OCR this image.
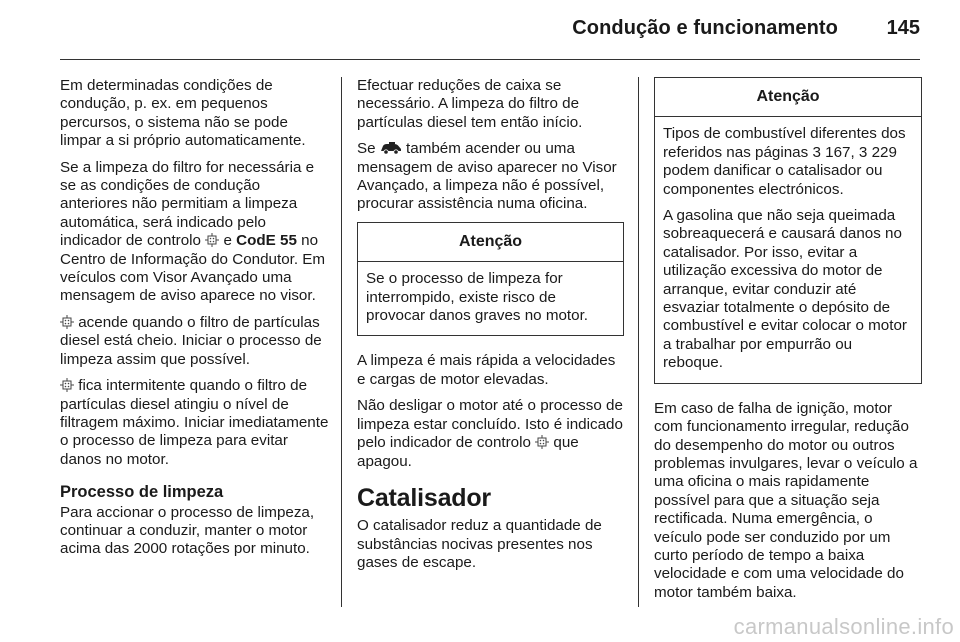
Condução e funcionamento 145

Em determinadas condições de condução, p. ex. em pequenos percursos, o sistema não se pode limpar a si próprio automaticamente.

Se a limpeza do filtro for necessária e se as condições de condução anteriores não permitiam a limpeza automática, será indicado pelo indicador de controlo e CodE 55 no Centro de Informação do Condutor. Em veículos com Visor Avançado uma mensagem de aviso aparece no visor.

acende quando o filtro de partículas diesel está cheio. Iniciar o processo de limpeza assim que possível.

fica intermitente quando o filtro de partículas diesel atingiu o nível de filtragem máximo. Iniciar imediatamente o processo de limpeza para evitar danos no motor.

Processo de limpeza

Para accionar o processo de limpeza, continuar a conduzir, manter o motor acima das 2000 rotações por minuto.

Efectuar reduções de caixa se necessário. A limpeza do filtro de partículas diesel tem então início.

Se também acender ou uma mensagem de aviso aparecer no Visor Avançado, a limpeza não é possível, procurar assistência numa oficina.

Atenção

Se o processo de limpeza for interrompido, existe risco de provocar danos graves no motor.

A limpeza é mais rápida a velocidades e cargas de motor elevadas.

Não desligar o motor até o processo de limpeza estar concluído. Isto é indicado pelo indicador de controlo que apagou.

Catalisador

O catalisador reduz a quantidade de substâncias nocivas presentes nos gases de escape.

Atenção

Tipos de combustível diferentes dos referidos nas páginas 3 167, 3 229 podem danificar o catalisador ou componentes electrónicos.

A gasolina que não seja queimada sobreaquecerá e causará danos no catalisador. Por isso, evitar a utilização excessiva do motor de arranque, evitar conduzir até esvaziar totalmente o depósito de combustível e evitar colocar o motor a trabalhar por empurrão ou reboque.

Em caso de falha de ignição, motor com funcionamento irregular, redução do desempenho do motor ou outros problemas invulgares, levar o veículo a uma oficina o mais rapidamente possível para que a situação seja rectificada. Numa emergência, o veículo pode ser conduzido por um curto período de tempo a baixa velocidade e com uma velocidade do motor também baixa.

carmanualsonline.info
